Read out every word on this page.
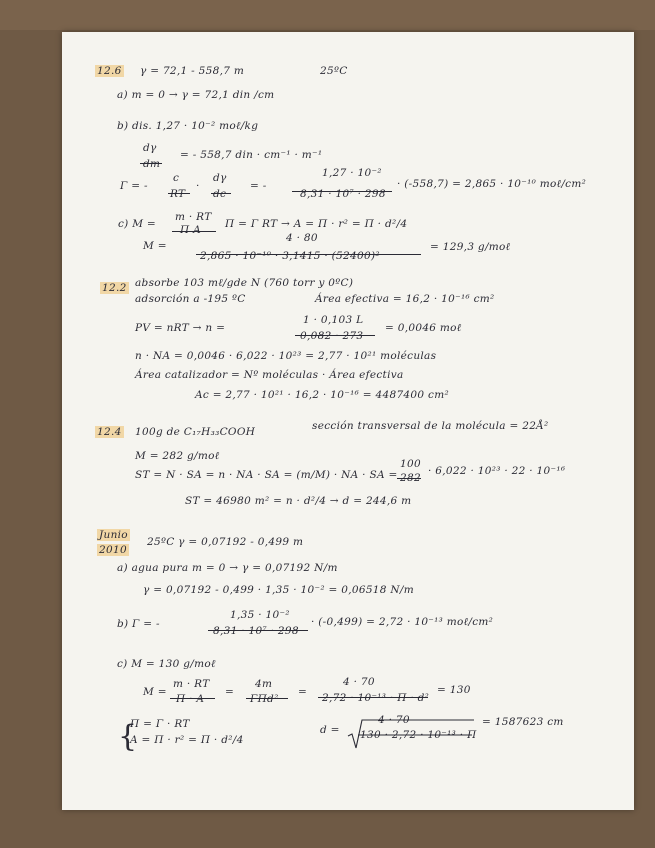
{
12.6 γ = 72,1 - 558,7 m	25ºC
a) m = 0 → γ = 72,1 din /cm
b) dis. 1,27 · 10⁻² moℓ/kg
dγ
= - 558,7 din · cm⁻¹ · m⁻¹
dm
Γ = -
c
RT
·
dγ
dc
= -
1,27 · 10⁻²
8,31 · 10⁷ · 298
· (-558,7) = 2,865 · 10⁻¹⁰ moℓ/cm²
c) M =
m · RT
Π A Π = Γ RT → A = Π · r² = Π · d²/4
M =
4 · 80
2,865 · 10⁻¹⁰ · 3,1415 · (52400)²
= 129,3 g/moℓ
12.2 absorbe 103 mℓ/gde N (760 torr y 0ºC)
adsorción a -195 ºC	Área efectiva = 16,2 · 10⁻¹⁶ cm²
PV = nRT → n =
1 · 0,103 L
0,082 · 273
= 0,0046 moℓ
n · NA = 0,0046 · 6,022 · 10²³ = 2,77 · 10²¹ moléculas
Área catalizador = Nº moléculas · Área efectiva
Ac = 2,77 · 10²¹ · 16,2 · 10⁻¹⁶ = 4487400 cm²
12.4 100g de C₁₇H₃₃COOH	sección transversal de la molécula = 22Å²
M = 282 g/moℓ
ST = N · SA = n · NA · SA = (m/M) · NA · SA =
100
282
· 6,022 · 10²³ · 22 · 10⁻¹⁶
ST = 46980 m² = n · d²/4 → d = 244,6 m
Junio
2010
25ºC γ = 0,07192 - 0,499 m
a) agua pura m = 0 → γ = 0,07192 N/m
γ = 0,07192 - 0,499 · 1,35 · 10⁻² = 0,06518 N/m
b) Γ = -
1,35 · 10⁻²
8,31 · 10⁷ · 298
· (-0,499) = 2,72 · 10⁻¹³ moℓ/cm²
c) M = 130 g/moℓ
M =
m · RT
Π · A
=
4m
ΓΠd²
=
4 · 70
2,72 · 10⁻¹³ · Π · d²
= 130
Π = Γ · RT
A = Π · r² = Π · d²/4
d =
4 · 70
130 · 2,72 · 10⁻¹³ · Π
= 1587623 cm
